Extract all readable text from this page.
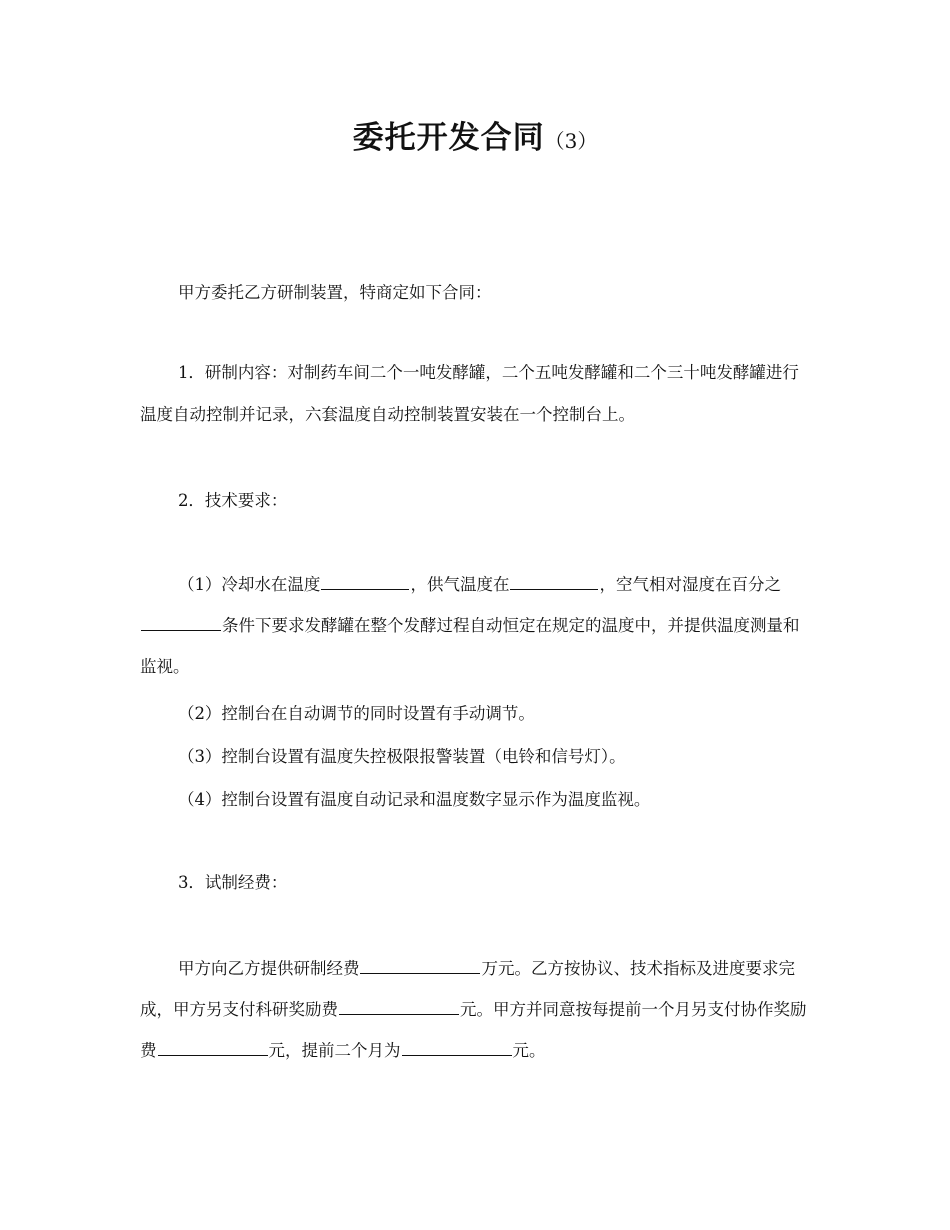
委托开发合同（3）

甲方委托乙方研制装置，特商定如下合同：

1．研制内容：对制药车间二个一吨发酵罐，二个五吨发酵罐和二个三十吨发酵罐进行温度自动控制并记录，六套温度自动控制装置安装在一个控制台上。

2．技术要求：

（1）冷却水在温度	，供气温度在	，空气相对湿度在百分之条件下要求发酵罐在整个发酵过程自动恒定在规定的温度中，并提供温度测量和监视。

（2）控制台在自动调节的同时设置有手动调节。

（3）控制台设置有温度失控极限报警装置（电铃和信号灯）。

（4）控制台设置有温度自动记录和温度数字显示作为温度监视。

3．试制经费：

甲方向乙方提供研制经费	万元。乙方按协议、技术指标及进度要求完成，甲方另支付科研奖励费	元。甲方并同意按每提前一个月另支付协作奖励费	元，提前二个月为	元。
